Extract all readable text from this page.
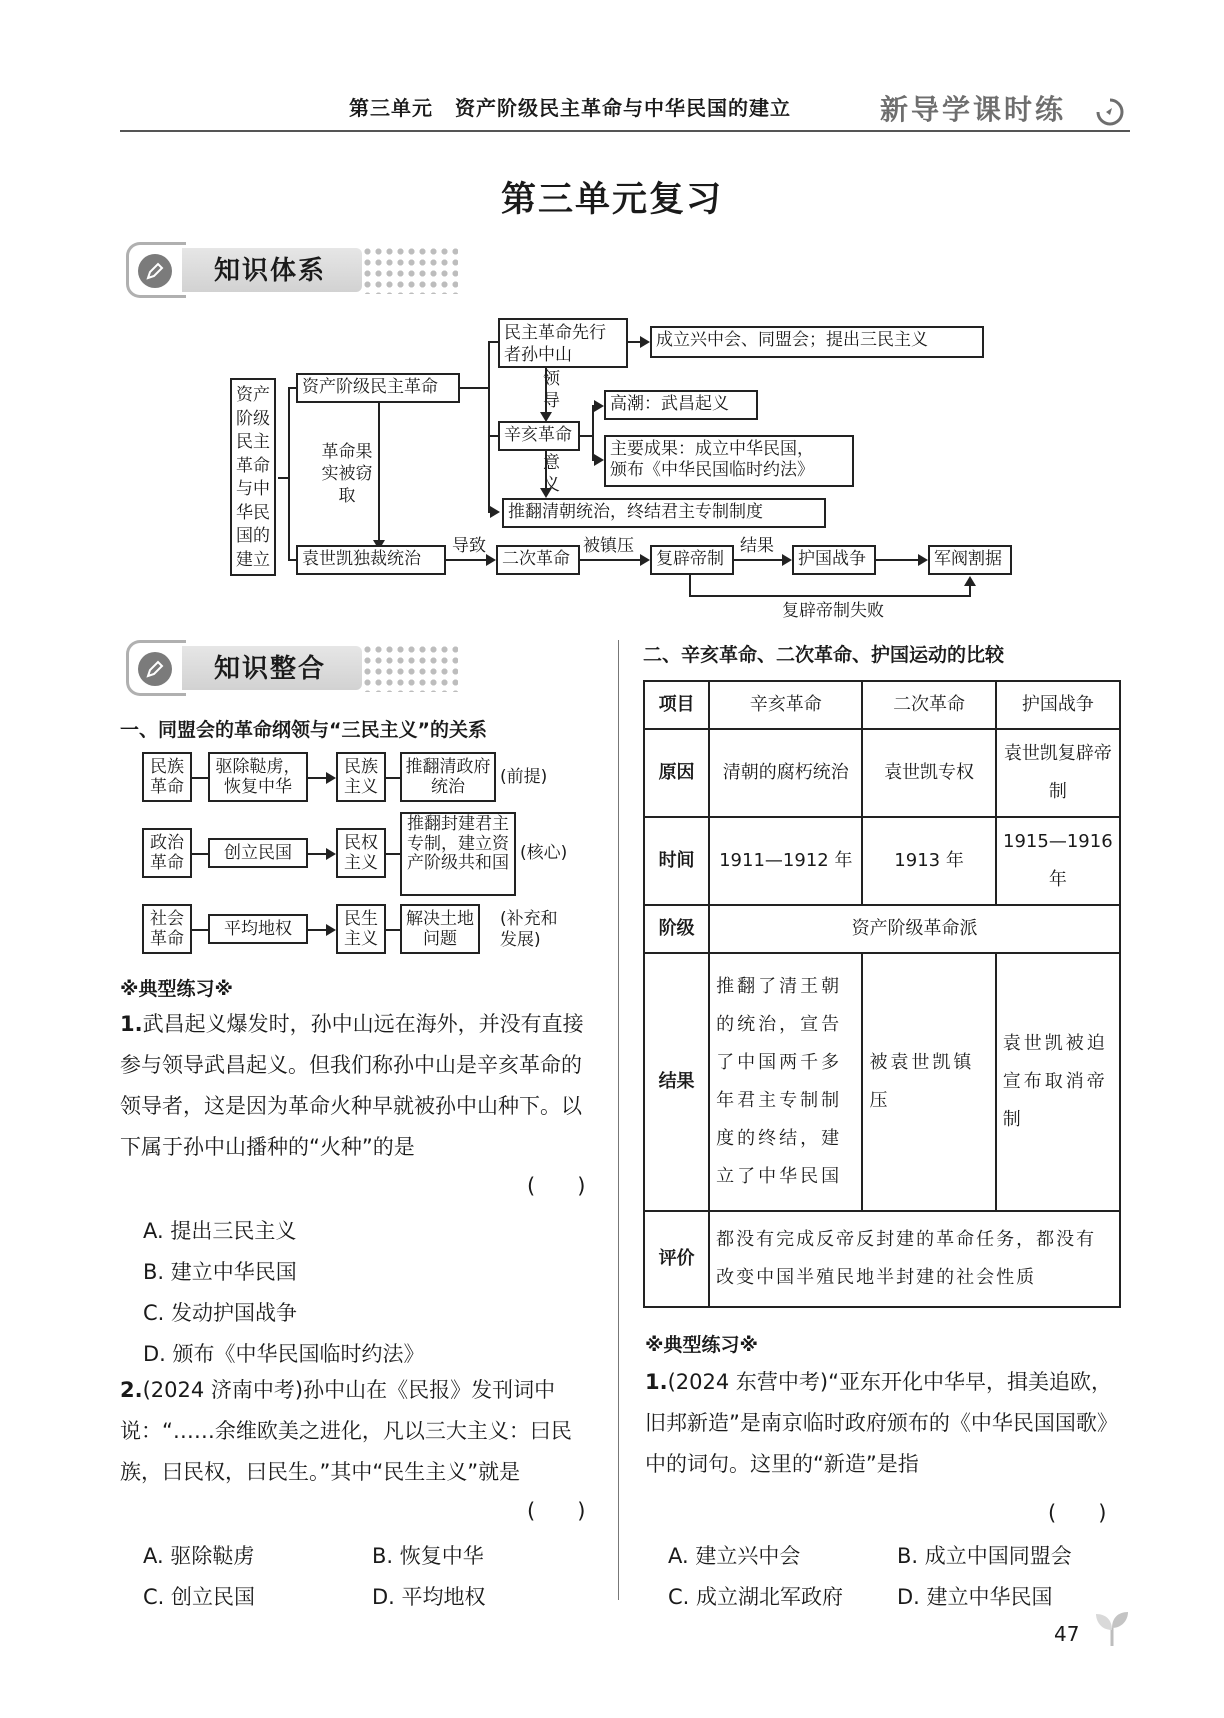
第三单元 资产阶级民主革命与中华民国的建立	新导学课时练
第三单元复习
知识体系
资产阶级民主革命与中华民国的建立
资产阶级民主革命
民主革命先行者孙中山
成立兴中会、同盟会；提出三民主义
领导
辛亥革命
高潮：武昌起义
主要成果：成立中华民国，
颁布《中华民国临时约法》
意义
推翻清朝统治，终结君主专制制度
革命果实被窃取
袁世凯独裁统治
导致
二次革命
被镇压
复辟帝制
结果
护国战争	军阀割据
复辟帝制失败
知识整合
一、同盟会的革命纲领与“三民主义”的关系
民族革命
驱除鞑虏，恢复中华
民族主义
推翻清政府统治	(前提)
政治革命	创立民国	民权主义
推翻封建君主专制，建立资产阶级共和国 (核心)
社会革命	平均地权	民生主义
解决土地问题
(补充和发展)
※典型练习※
1.武昌起义爆发时，孙中山远在海外，并没有直接参与领导武昌起义。但我们称孙中山是辛亥革命的领导者，这是因为革命火种早就被孙中山种下。以下属于孙中山播种的“火种”的是
(　　)
A. 提出三民主义
B. 建立中华民国
C. 发动护国战争
D. 颁布《中华民国临时约法》
2.(2024 济南中考)孙中山在《民报》发刊词中说：“……余维欧美之进化，凡以三大主义：曰民族，曰民权，曰民生。”其中“民生主义”就是
(　　)
A. 驱除鞑虏	B. 恢复中华
C. 创立民国	D. 平均地权
二、辛亥革命、二次革命、护国运动的比较
项目	辛亥革命	二次革命	护国战争
原因	清朝的腐朽统治	袁世凯专权	袁世凯复辟帝制
时间	1911—1912 年	1913 年	1915—1916 年
阶级	资产阶级革命派		
结果	推翻了清王朝的统治，宣告了中国两千多年君主专制制度的终结，建立了中华民国	被袁世凯镇压	袁世凯被迫宣布取消帝制
评价	都没有完成反帝反封建的革命任务，都没有改变中国半殖民地半封建的社会性质		
※典型练习※
1.(2024 东营中考)“亚东开化中华早，揖美追欧，旧邦新造”是南京临时政府颁布的《中华民国国歌》中的词句。这里的“新造”是指
(　　)
A. 建立兴中会	B. 成立中国同盟会
C. 成立湖北军政府	D. 建立中华民国
47
